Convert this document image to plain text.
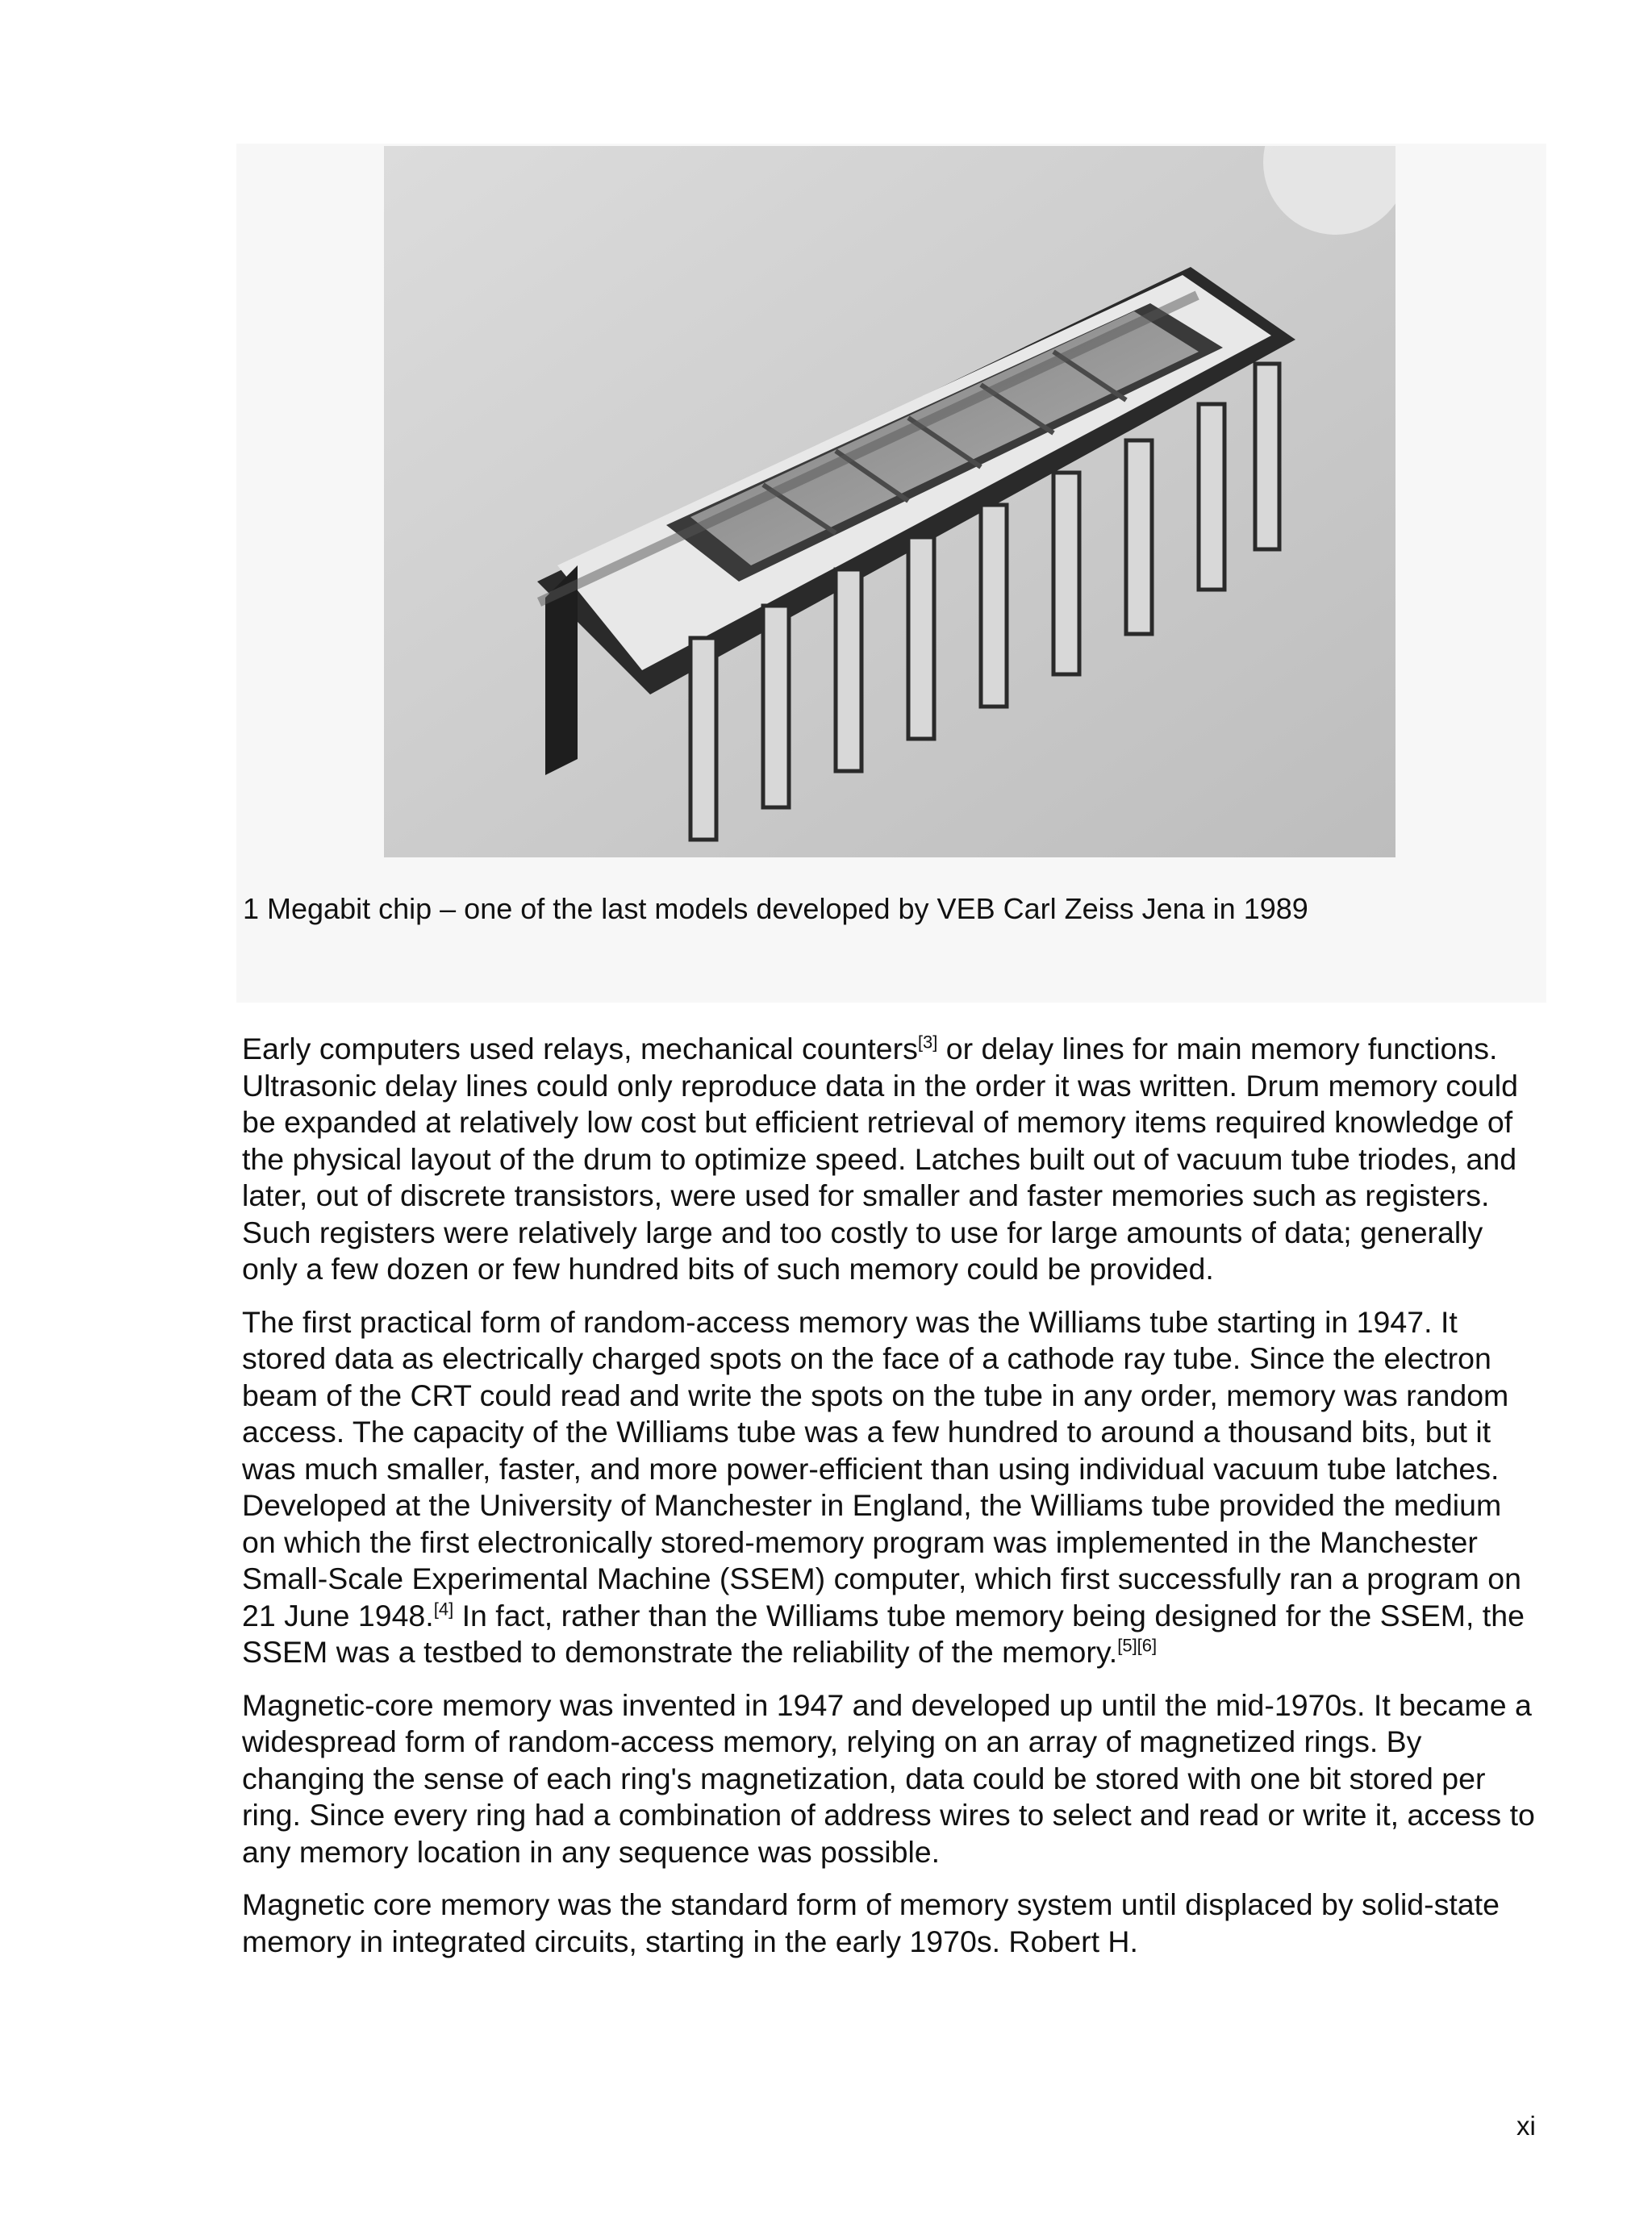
1 Megabit chip – one of the last models developed by VEB Carl Zeiss Jena in 1989

Early computers used relays, mechanical counters[3] or delay lines for main memory functions. Ultrasonic delay lines could only reproduce data in the order it was written. Drum memory could be expanded at relatively low cost but efficient retrieval of memory items required knowledge of the physical layout of the drum to optimize speed. Latches built out of vacuum tube triodes, and later, out of discrete transistors, were used for smaller and faster memories such as registers. Such registers were relatively large and too costly to use for large amounts of data; generally only a few dozen or few hundred bits of such memory could be provided.

The first practical form of random-access memory was the Williams tube starting in 1947. It stored data as electrically charged spots on the face of a cathode ray tube. Since the electron beam of the CRT could read and write the spots on the tube in any order, memory was random access. The capacity of the Williams tube was a few hundred to around a thousand bits, but it was much smaller, faster, and more power-efficient than using individual vacuum tube latches. Developed at the University of Manchester in England, the Williams tube provided the medium on which the first electronically stored-memory program was implemented in the Manchester Small-Scale Experimental Machine (SSEM) computer, which first successfully ran a program on 21 June 1948.[4] In fact, rather than the Williams tube memory being designed for the SSEM, the SSEM was a testbed to demonstrate the reliability of the memory.[5][6]

Magnetic-core memory was invented in 1947 and developed up until the mid-1970s. It became a widespread form of random-access memory, relying on an array of magnetized rings. By changing the sense of each ring's magnetization, data could be stored with one bit stored per ring. Since every ring had a combination of address wires to select and read or write it, access to any memory location in any sequence was possible.

Magnetic core memory was the standard form of memory system until displaced by solid-state memory in integrated circuits, starting in the early 1970s. Robert H.

xi
